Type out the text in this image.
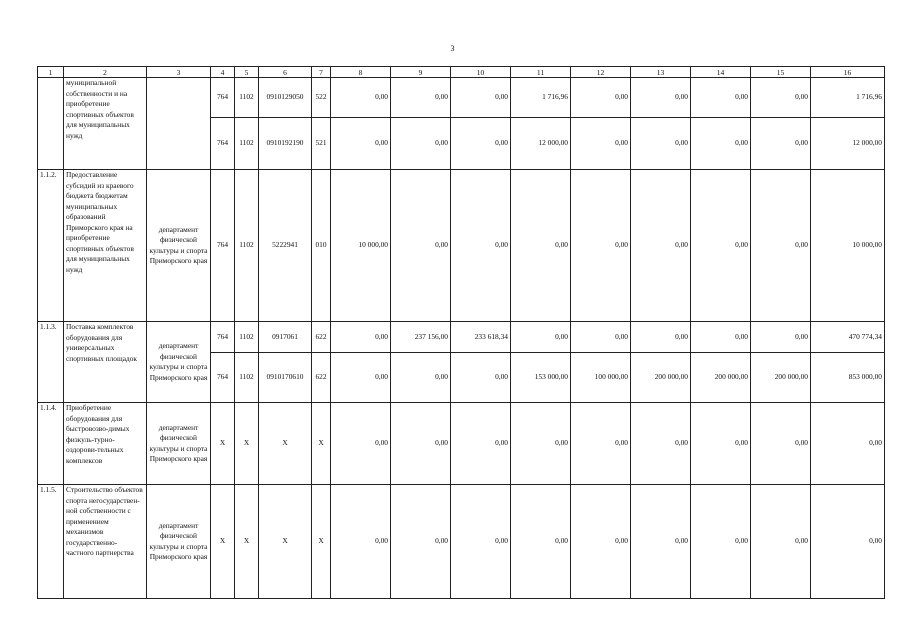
3
1	2	3	4	5	6	7	8	9	10	11	12	13	14	15	16
	муниципальной собственности и на приобретение спортивных объектов для муниципальных нужд		764	1102	0910129050	522	0,00	0,00	0,00	1 716,96	0,00	0,00	0,00	0,00	1 716,96
			764	1102	0910192190	521	0,00	0,00	0,00	12 000,00	0,00	0,00	0,00	0,00	12 000,00
1.1.2.	Предоставление субсидий из краевого бюджета бюджетам муниципальных образований Приморского края на приобретение спортивных объектов для муниципальных нужд	департамент физической культуры и спорта Приморского края	764	1102	5222941	010	10 000,00	0,00	0,00	0,00	0,00	0,00	0,00	0,00	10 000,00
1.1.3.	Поставка комплектов оборудования для универсальных спортивных площадок	департамент физической культуры и спорта Приморского края	764	1102	0917061	622	0,00	237 156,00	233 618,34	0,00	0,00	0,00	0,00	0,00	470 774,34
			764	1102	0910170610	622	0,00	0,00	0,00	153 000,00	100 000,00	200 000,00	200 000,00	200 000,00	853 000,00
1.1.4.	Приобретение оборудования для быстровозво-димых физкуль-турно-оздорови-тельных комплексов	департамент физической культуры и спорта Приморского края	X	X	X	X	0,00	0,00	0,00	0,00	0,00	0,00	0,00	0,00	0,00
1.1.5.	Строительство объектов спорта негосударствен-ной собственности с применением механизмов государственно-частного партнерства	департамент физической культуры и спорта Приморского края	X	X	X	X	0,00	0,00	0,00	0,00	0,00	0,00	0,00	0,00	0,00
